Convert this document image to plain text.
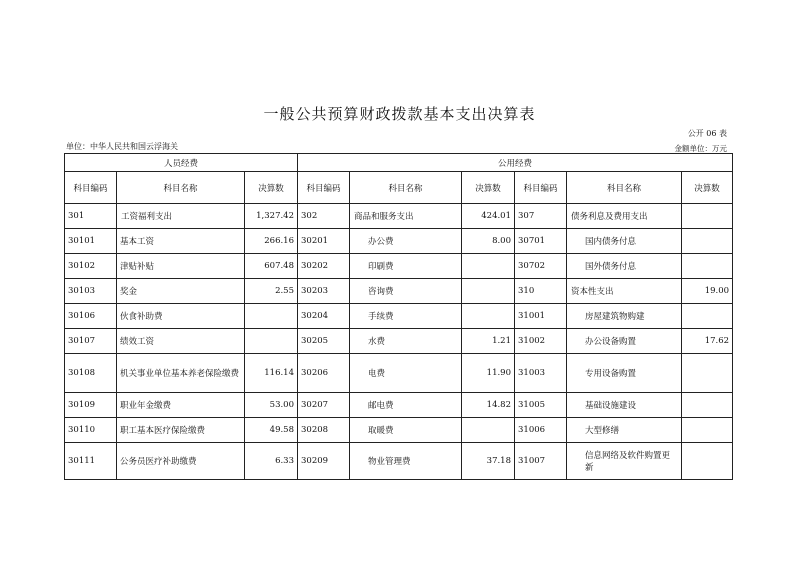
一般公共预算财政拨款基本支出决算表
公开 06 表
单位：中华人民共和国云浮海关	金额单位：万元
人员经费			公用经费					
科目编码	科目名称	决算数	科目编码	科目名称	决算数	科目编码	科目名称	决算数
301	工资福利支出	1,327.42	302	商品和服务支出	424.01	307	债务利息及费用支出	
30101	基本工资	266.16	30201	办公费	8.00	30701	国内债务付息	
30102	津贴补贴	607.48	30202	印刷费		30702	国外债务付息	
30103	奖金	2.55	30203	咨询费		310	资本性支出	19.00
30106	伙食补助费		30204	手续费		31001	房屋建筑物购建	
30107	绩效工资		30205	水费	1.21	31002	办公设备购置	17.62
30108	机关事业单位基本养老保险缴费	116.14	30206	电费	11.90	31003	专用设备购置	
30109	职业年金缴费	53.00	30207	邮电费	14.82	31005	基础设施建设	
30110	职工基本医疗保险缴费	49.58	30208	取暖费		31006	大型修缮	
30111	公务员医疗补助缴费	6.33	30209	物业管理费	37.18	31007	信息网络及软件购置更新	
